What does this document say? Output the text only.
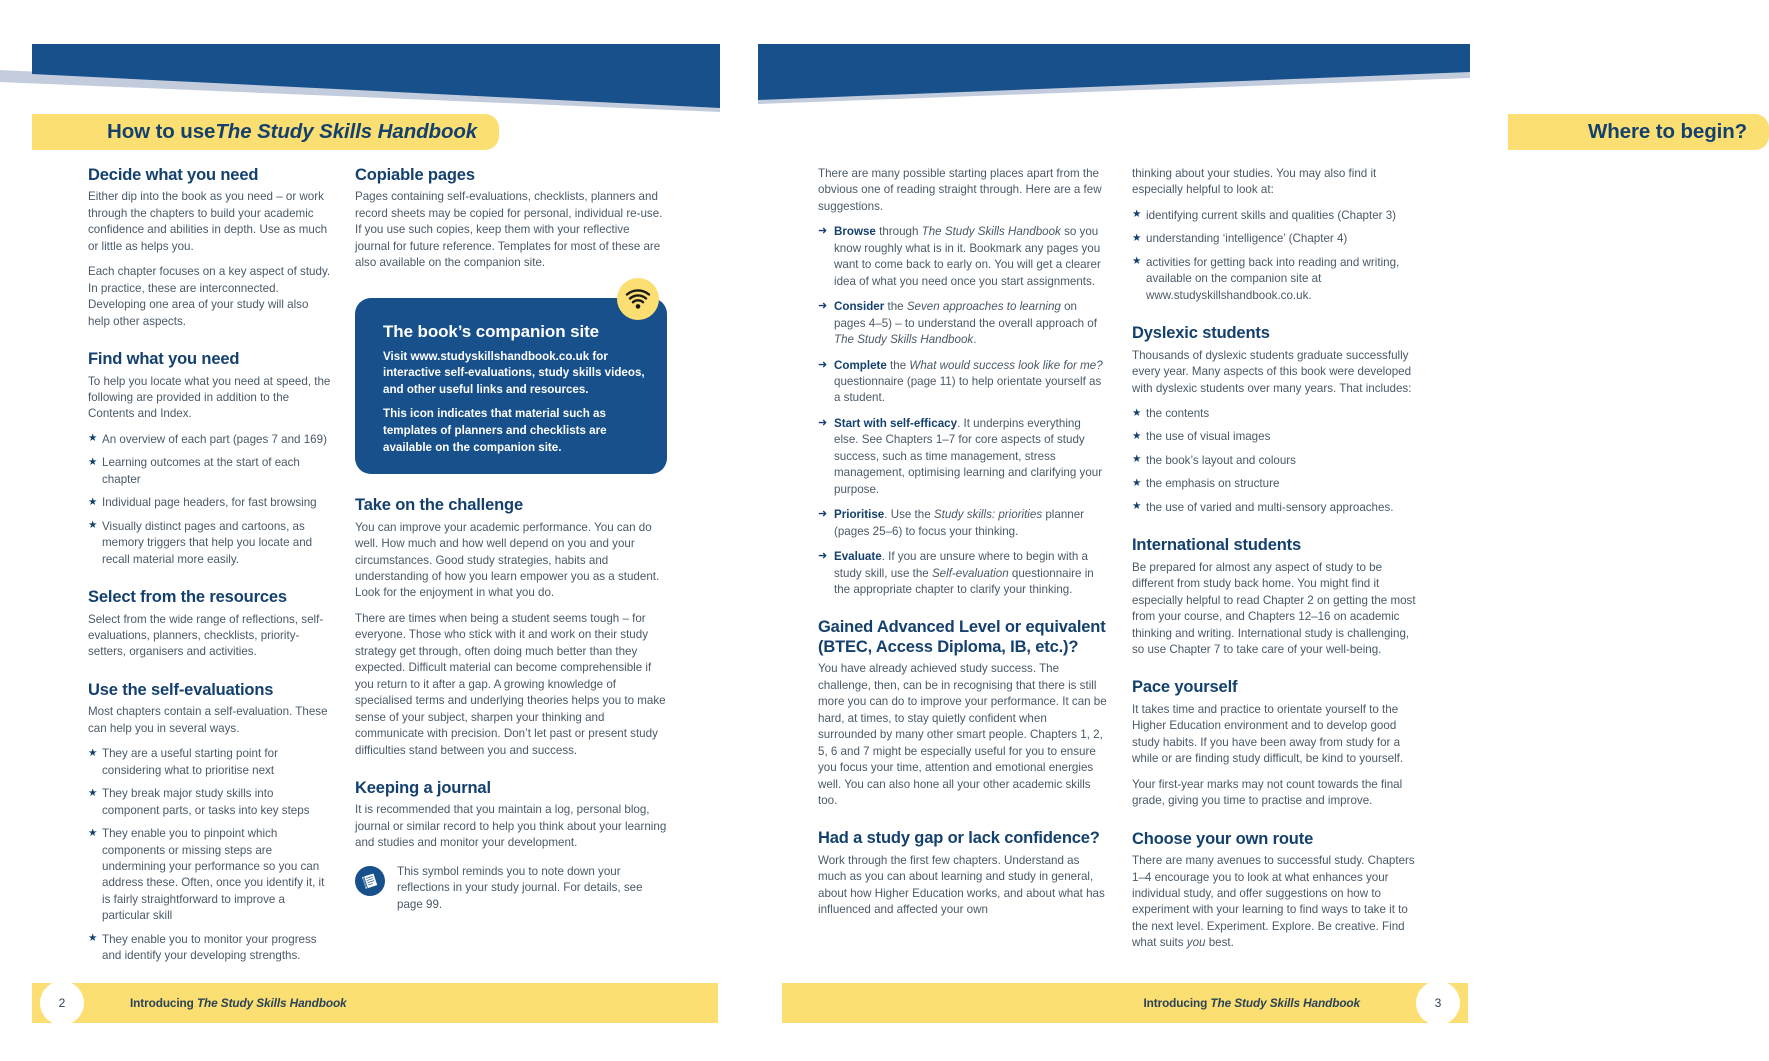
How to use The Study Skills Handbook
Decide what you need

Either dip into the book as you need – or work through the chapters to build your academic confidence and abilities in depth. Use as much or little as helps you.

Each chapter focuses on a key aspect of study. In practice, these are interconnected. Developing one area of your study will also help other aspects.

Find what you need

To help you locate what you need at speed, the following are provided in addition to the Contents and Index.

★ An overview of each part (pages 7 and 169)
★ Learning outcomes at the start of each chapter
★ Individual page headers, for fast browsing
★ Visually distinct pages and cartoons, as memory triggers that help you locate and recall material more easily.
Select from the resources

Select from the wide range of reflections, self-evaluations, planners, checklists, priority-setters, organisers and activities.

Use the self-evaluations

Most chapters contain a self-evaluation. These can help you in several ways.

★ They are a useful starting point for considering what to prioritise next
★ They break major study skills into component parts, or tasks into key steps
★ They enable you to pinpoint which components or missing steps are undermining your performance so you can address these. Often, once you identify it, it is fairly straightforward to improve a particular skill
★ They enable you to monitor your progress and identify your developing strengths.
Copiable pages

Pages containing self-evaluations, checklists, planners and record sheets may be copied for personal, individual re-use. If you use such copies, keep them with your reflective journal for future reference. Templates for most of these are also available on the companion site.

The book’s companion site

Visit www.studyskillshandbook.co.uk for interactive self-evaluations, study skills videos, and other useful links and resources.

This icon indicates that material such as templates of planners and checklists are available on the companion site.

Take on the challenge

You can improve your academic performance. You can do well. How much and how well depend on you and your circumstances. Good study strategies, habits and understanding of how you learn empower you as a student. Look for the enjoyment in what you do.

There are times when being a student seems tough – for everyone. Those who stick with it and work on their study strategy get through, often doing much better than they expected. Difficult material can become comprehensible if you return to it after a gap. A growing knowledge of specialised terms and underlying theories helps you to make sense of your subject, sharpen your thinking and communicate with precision. Don’t let past or present study difficulties stand between you and success.

Keeping a journal

It is recommended that you maintain a log, personal blog, journal or similar record to help you think about your learning and studies and monitor your development.

This symbol reminds you to note down your reflections in your study journal. For details, see page 99.

2	Introducing The Study Skills Handbook
Where to begin?

There are many possible starting places apart from the obvious one of reading straight through. Here are a few suggestions.

➜ Browse through The Study Skills Handbook so you know roughly what is in it. Bookmark any pages you want to come back to early on. You will get a clearer idea of what you need once you start assignments.
➜ Consider the Seven approaches to learning on pages 4–5) – to understand the overall approach of The Study Skills Handbook.
➜ Complete the What would success look like for me? questionnaire (page 11) to help orientate yourself as a student.
➜ Start with self-efficacy. It underpins everything else. See Chapters 1–7 for core aspects of study success, such as time management, stress management, optimising learning and clarifying your purpose.
➜ Prioritise. Use the Study skills: priorities planner (pages 25–6) to focus your thinking.
➜ Evaluate. If you are unsure where to begin with a study skill, use the Self-evaluation questionnaire in the appropriate chapter to clarify your thinking.
Gained Advanced Level or equivalent (BTEC, Access Diploma, IB, etc.)?

You have already achieved study success. The challenge, then, can be in recognising that there is still more you can do to improve your performance. It can be hard, at times, to stay quietly confident when surrounded by many other smart people. Chapters 1, 2, 5, 6 and 7 might be especially useful for you to ensure you focus your time, attention and emotional energies well. You can also hone all your other academic skills too.

Had a study gap or lack confidence?

Work through the first few chapters. Understand as much as you can about learning and study in general, about how Higher Education works, and about what has influenced and affected your own

thinking about your studies. You may also find it especially helpful to look at:

★ identifying current skills and qualities (Chapter 3)
★ understanding ‘intelligence’ (Chapter 4)
★ activities for getting back into reading and writing, available on the companion site at www.studyskillshandbook.co.uk.
Dyslexic students

Thousands of dyslexic students graduate successfully every year. Many aspects of this book were developed with dyslexic students over many years. That includes:

★ the contents
★ the use of visual images
★ the book’s layout and colours
★ the emphasis on structure
★ the use of varied and multi-sensory approaches.
International students

Be prepared for almost any aspect of study to be different from study back home. You might find it especially helpful to read Chapter 2 on getting the most from your course, and Chapters 12–16 on academic thinking and writing. International study is challenging, so use Chapter 7 to take care of your well-being.

Pace yourself

It takes time and practice to orientate yourself to the Higher Education environment and to develop good study habits. If you have been away from study for a while or are finding study difficult, be kind to yourself.

Your first-year marks may not count towards the final grade, giving you time to practise and improve.

Choose your own route

There are many avenues to successful study. Chapters 1–4 encourage you to look at what enhances your individual study, and offer suggestions on how to experiment with your learning to find ways to take it to the next level. Experiment. Explore. Be creative. Find what suits you best.

Introducing The Study Skills Handbook	3
